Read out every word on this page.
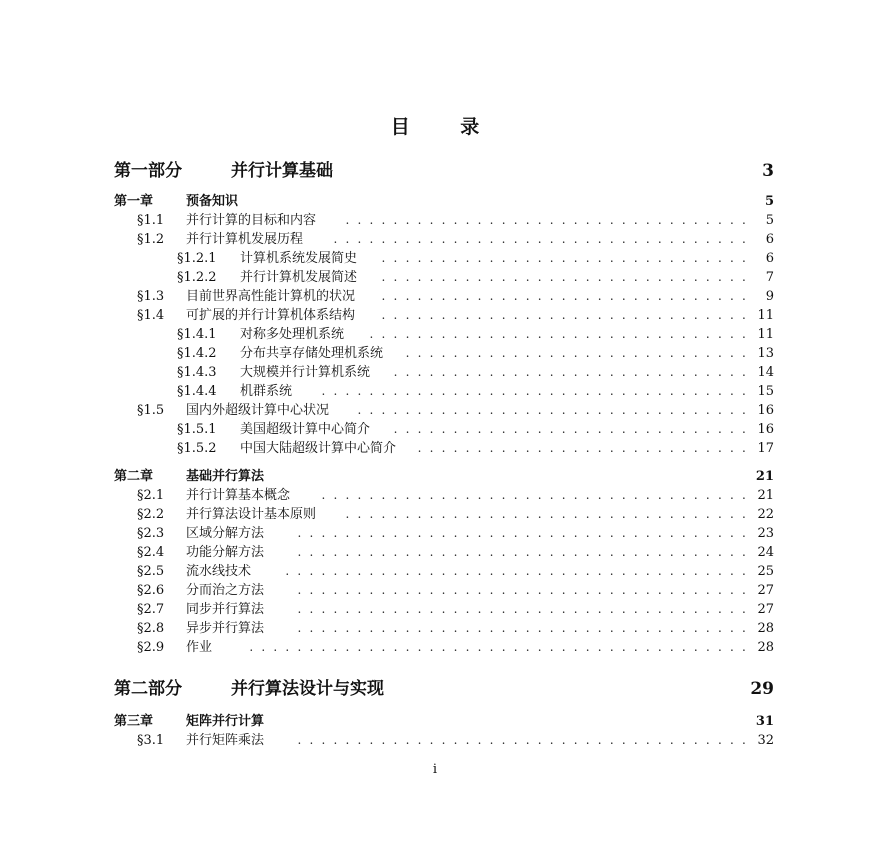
目 录
第一部分	并行计算基础	3
第一章	预备知识	5
§1.1 并行计算的目标和内容	.................................. 5
§1.2 并行计算机发展历程	................................... 6
§1.2.1 计算机系统发展简史	............................... 6
§1.2.2 并行计算机发展简述	............................... 7
§1.3 目前世界高性能计算机的状况	............................... 9
§1.4 可扩展的并行计算机体系结构	............................... 11
§1.4.1 对称多处理机系统	................................ 11
§1.4.2 分布共享存储处理机系统	............................. 13
§1.4.3 大规模并行计算机系统	.............................. 14
§1.4.4 机群系统	.................................... 15
§1.5 国内外超级计算中心状况	................................. 16
§1.5.1 美国超级计算中心简介	.............................. 16
§1.5.2 中国大陆超级计算中心简介	............................ 17
第二章	基础并行算法	21
§2.1 并行计算基本概念	.................................... 21
§2.2 并行算法设计基本原则	.................................. 22
§2.3 区域分解方法	...................................... 23
§2.4 功能分解方法	...................................... 24
§2.5 流水线技术	....................................... 25
§2.6 分而治之方法	...................................... 27
§2.7 同步并行算法	...................................... 27
§2.8 异步并行算法	...................................... 28
§2.9 作业	.......................................... 28
第二部分	并行算法设计与实现	29
第三章	矩阵并行计算	31
§3.1 并行矩阵乘法	...................................... 32
i
